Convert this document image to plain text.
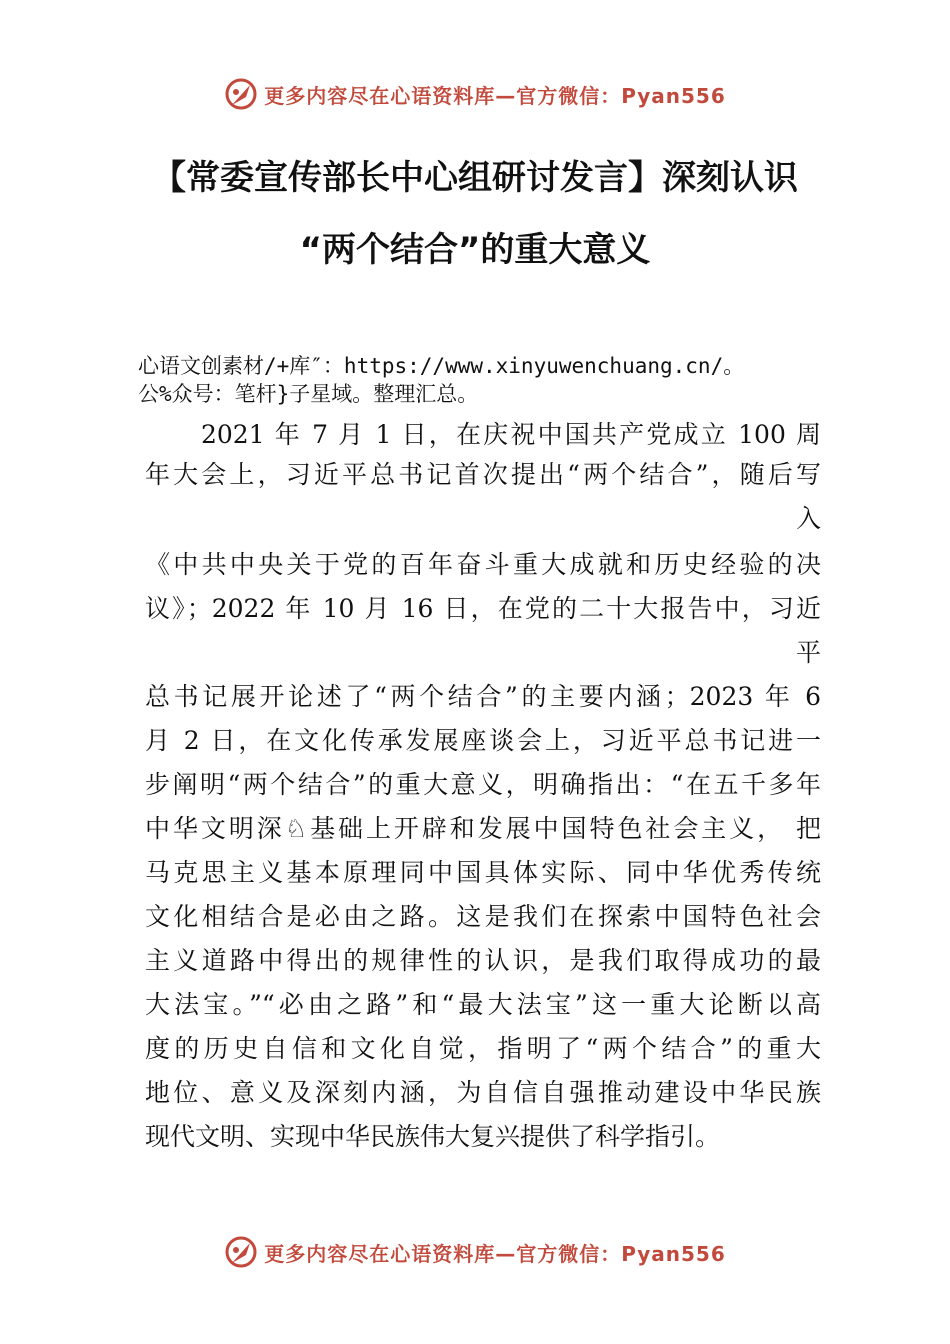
更多内容尽在心语资料库—官方微信：Pyan556
【常委宣传部长中心组研讨发言】深刻认识
“两个结合”的重大意义
心语文创素材/+库″：https://www.xinyuwenchuang.cn/。
公%众号：笔杆}子星域。整理汇总。
2021 年 7 月 1 日，在庆祝中国共产党成立 100 周
年大会上，习近平总书记首次提出“两个结合”，随后写
入
《中共中央关于党的百年奋斗重大成就和历史经验的决
议》；2022 年 10 月 16 日，在党的二十大报告中，习近
平
总书记展开论述了“两个结合”的主要内涵；2023 年 6
月 2 日，在文化传承发展座谈会上，习近平总书记进一
步阐明“两个结合”的重大意义，明确指出：“在五千多年
中华文明深♘基础上开辟和发展中国特色社会主义， 把
马克思主义基本原理同中国具体实际、同中华优秀传统
文化相结合是必由之路。这是我们在探索中国特色社会
主义道路中得出的规律性的认识，是我们取得成功的最
大法宝。”“必由之路”和“最大法宝”这一重大论断以高
度的历史自信和文化自觉，指明了“两个结合”的重大
地位、意义及深刻内涵，为自信自强推动建设中华民族
现代文明、实现中华民族伟大复兴提供了科学指引。
更多内容尽在心语资料库—官方微信：Pyan556
